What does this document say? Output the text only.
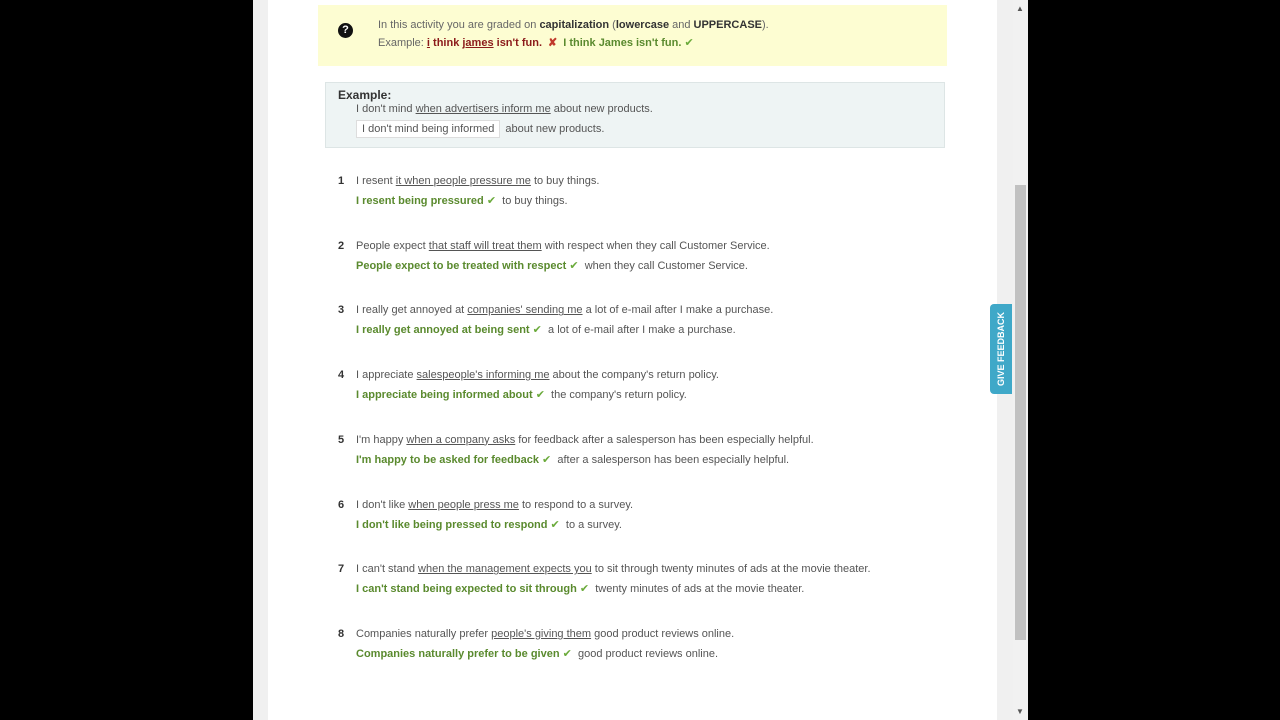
?	In this activity you are graded on capitalization (lowercase and UPPERCASE).
Example: i think james isn't fun. ✘ I think James isn't fun. ✔
Example:
I don't mind when advertisers inform me about new products.
I don't mind being informed about new products.
1 I resent it when people pressure me to buy things.
I resent being pressured ✔ to buy things.
2 People expect that staff will treat them with respect when they call Customer Service.
People expect to be treated with respect ✔ when they call Customer Service.
3 I really get annoyed at companies' sending me a lot of e-mail after I make a purchase.
I really get annoyed at being sent ✔ a lot of e-mail after I make a purchase.
4 I appreciate salespeople's informing me about the company's return policy.
I appreciate being informed about ✔ the company's return policy.
5 I'm happy when a company asks for feedback after a salesperson has been especially helpful.
I'm happy to be asked for feedback ✔ after a salesperson has been especially helpful.
6 I don't like when people press me to respond to a survey.
I don't like being pressed to respond ✔ to a survey.
7 I can't stand when the management expects you to sit through twenty minutes of ads at the movie theater.
I can't stand being expected to sit through ✔ twenty minutes of ads at the movie theater.
8 Companies naturally prefer people's giving them good product reviews online.
Companies naturally prefer to be given ✔ good product reviews online.
GIVE FEEDBACK
▲
▼
